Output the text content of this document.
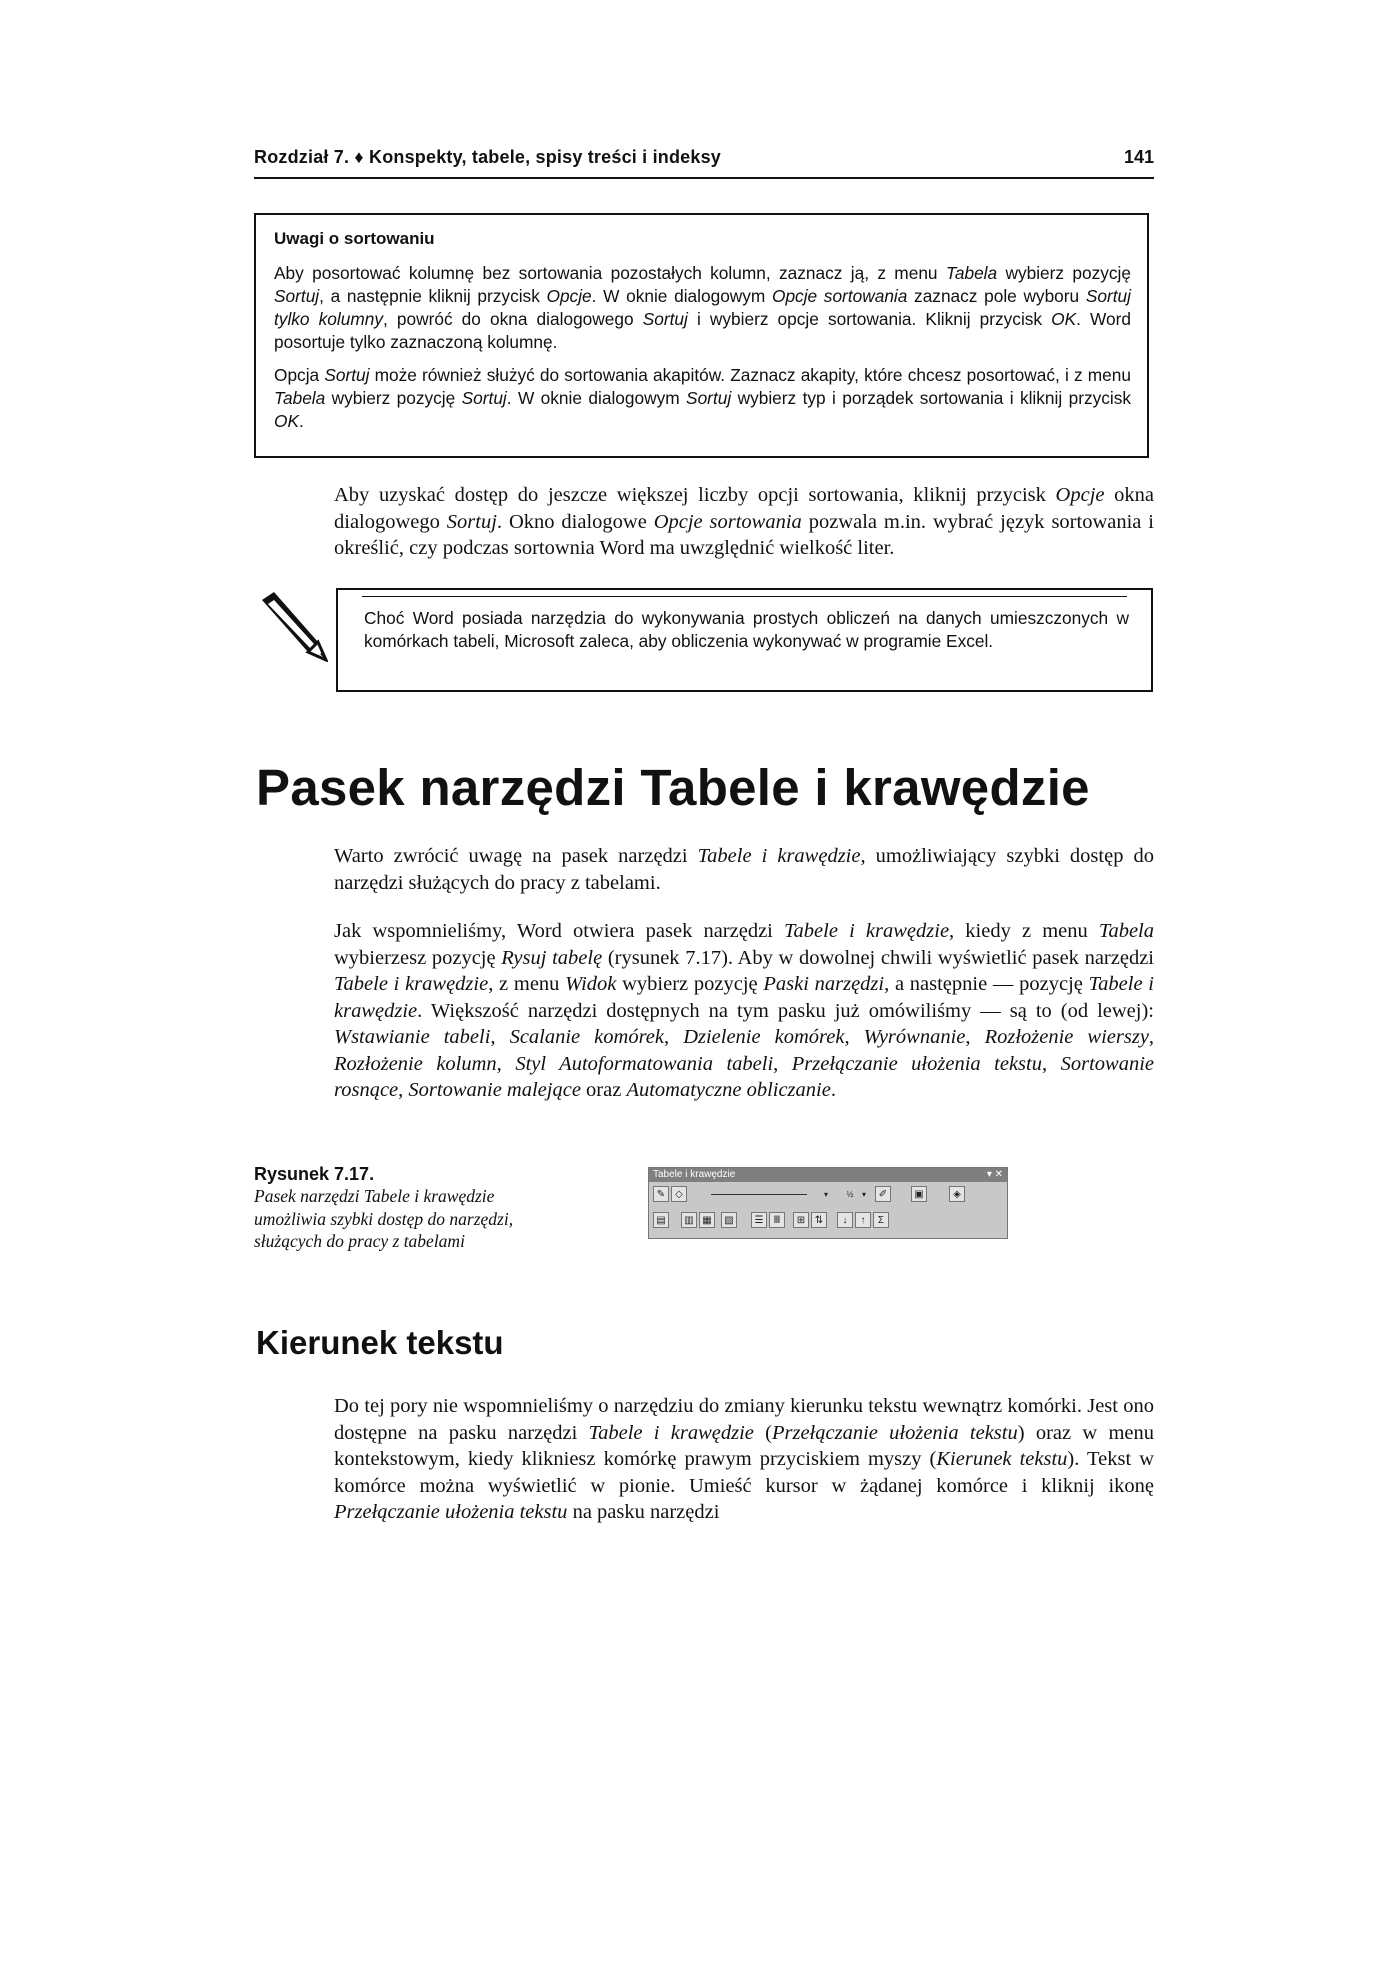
Rozdział 7. ♦ Konspekty, tabele, spisy treści i indeksy	141
Uwagi o sortowaniu

Aby posortować kolumnę bez sortowania pozostałych kolumn, zaznacz ją, z menu Tabela wybierz pozycję Sortuj, a następnie kliknij przycisk Opcje. W oknie dialogowym Opcje sortowania zaznacz pole wyboru Sortuj tylko kolumny, powróć do okna dialogowego Sortuj i wybierz opcje sortowania. Kliknij przycisk OK. Word posortuje tylko zaznaczoną kolumnę.

Opcja Sortuj może również służyć do sortowania akapitów. Zaznacz akapity, które chcesz posortować, i z menu Tabela wybierz pozycję Sortuj. W oknie dialogowym Sortuj wybierz typ i porządek sortowania i kliknij przycisk OK.

Aby uzyskać dostęp do jeszcze większej liczby opcji sortowania, kliknij przycisk Opcje okna dialogowego Sortuj. Okno dialogowe Opcje sortowania pozwala m.in. wybrać język sortowania i określić, czy podczas sortownia Word ma uwzględnić wielkość liter.

Choć Word posiada narzędzia do wykonywania prostych obliczeń na danych umieszczonych w komórkach tabeli, Microsoft zaleca, aby obliczenia wykonywać w programie Excel.

Pasek narzędzi Tabele i krawędzie

Warto zwrócić uwagę na pasek narzędzi Tabele i krawędzie, umożliwiający szybki dostęp do narzędzi służących do pracy z tabelami.

Jak wspomnieliśmy, Word otwiera pasek narzędzi Tabele i krawędzie, kiedy z menu Tabela wybierzesz pozycję Rysuj tabelę (rysunek 7.17). Aby w dowolnej chwili wyświetlić pasek narzędzi Tabele i krawędzie, z menu Widok wybierz pozycję Paski narzędzi, a następnie — pozycję Tabele i krawędzie. Większość narzędzi dostępnych na tym pasku już omówiliśmy — są to (od lewej): Wstawianie tabeli, Scalanie komórek, Dzielenie komórek, Wyrównanie, Rozłożenie wierszy, Rozłożenie kolumn, Styl Autoformatowania tabeli, Przełączanie ułożenia tekstu, Sortowanie rosnące, Sortowanie malejące oraz Automatyczne obliczanie.

Rysunek 7.17.
Pasek narzędzi Tabele i krawędzie umożliwia szybki dostęp do narzędzi, służących do pracy z tabelami
Tabele i krawędzie	▾ ✕
✎ ◇	▾	½	▾	✐	▣	◈
▤	▥ ▦	▧	☰	Ⅲ	⊞ ⇅	↓	↑	Σ
Kierunek tekstu

Do tej pory nie wspomnieliśmy o narzędziu do zmiany kierunku tekstu wewnątrz komórki. Jest ono dostępne na pasku narzędzi Tabele i krawędzie (Przełączanie ułożenia tekstu) oraz w menu kontekstowym, kiedy klikniesz komórkę prawym przyciskiem myszy (Kierunek tekstu). Tekst w komórce można wyświetlić w pionie. Umieść kursor w żądanej komórce i kliknij ikonę Przełączanie ułożenia tekstu na pasku narzędzi
